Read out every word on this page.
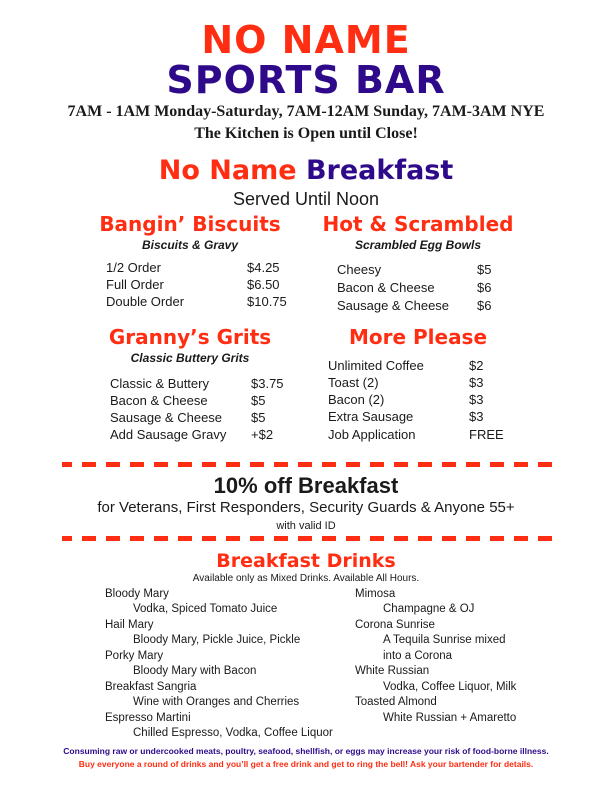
NO NAME
SPORTS BAR
7AM - 1AM Monday-Saturday, 7AM-12AM Sunday, 7AM-3AM NYE
The Kitchen is Open until Close!
No Name Breakfast
Served Until Noon
Bangin’ Biscuits
Biscuits & Gravy
1/2 Order	$4.25
Full Order	$6.50
Double Order	$10.75
Hot & Scrambled
Scrambled Egg Bowls
Cheesy	$5
Bacon & Cheese	$6
Sausage & Cheese $6
Granny’s Grits
Classic Buttery Grits
Classic & Buttery	$3.75
Bacon & Cheese	$5
Sausage & Cheese $5
Add Sausage Gravy +$2
More Please
Unlimited Coffee	$2
Toast (2)	$3
Bacon (2)	$3
Extra Sausage	$3
Job Application	FREE
10% off Breakfast
for Veterans, First Responders, Security Guards & Anyone 55+
with valid ID
Breakfast Drinks
Available only as Mixed Drinks. Available All Hours.
Bloody Mary
Vodka, Spiced Tomato Juice
Hail Mary
Bloody Mary, Pickle Juice, Pickle
Porky Mary
Bloody Mary with Bacon
Breakfast Sangria
Wine with Oranges and Cherries
Espresso Martini
Chilled Espresso, Vodka, Coffee Liquor
Mimosa
Champagne & OJ
Corona Sunrise
A Tequila Sunrise mixed
into a Corona
White Russian
Vodka, Coffee Liquor, Milk
Toasted Almond
White Russian + Amaretto
Consuming raw or undercooked meats, poultry, seafood, shellfish, or eggs may increase your risk of food-borne illness.
Buy everyone a round of drinks and you’ll get a free drink and get to ring the bell! Ask your bartender for details.
